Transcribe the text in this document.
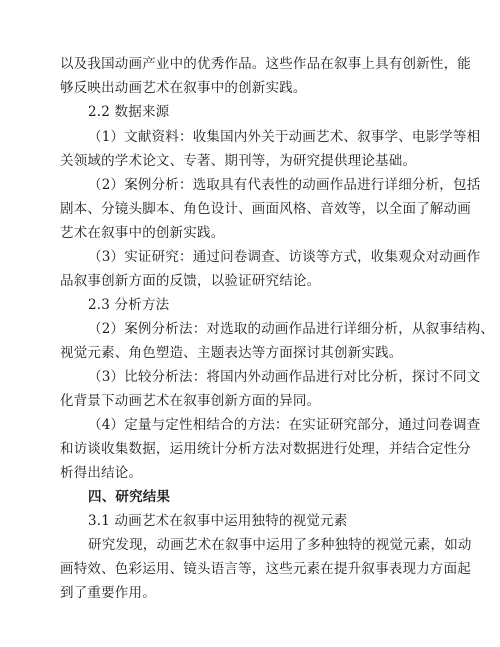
以及我国动画产业中的优秀作品。这些作品在叙事上具有创新性，能
够反映出动画艺术在叙事中的创新实践。
2.2 数据来源
（1）文献资料：收集国内外关于动画艺术、叙事学、电影学等相
关领域的学术论文、专著、期刊等，为研究提供理论基础。
（2）案例分析：选取具有代表性的动画作品进行详细分析，包括
剧本、分镜头脚本、角色设计、画面风格、音效等，以全面了解动画
艺术在叙事中的创新实践。
（3）实证研究：通过问卷调查、访谈等方式，收集观众对动画作
品叙事创新方面的反馈，以验证研究结论。
2.3 分析方法
（2）案例分析法：对选取的动画作品进行详细分析，从叙事结构、
视觉元素、角色塑造、主题表达等方面探讨其创新实践。
（3）比较分析法：将国内外动画作品进行对比分析，探讨不同文
化背景下动画艺术在叙事创新方面的异同。
（4）定量与定性相结合的方法：在实证研究部分，通过问卷调查
和访谈收集数据，运用统计分析方法对数据进行处理，并结合定性分
析得出结论。
四、研究结果
3.1 动画艺术在叙事中运用独特的视觉元素
研究发现，动画艺术在叙事中运用了多种独特的视觉元素，如动
画特效、色彩运用、镜头语言等，这些元素在提升叙事表现力方面起
到了重要作用。
